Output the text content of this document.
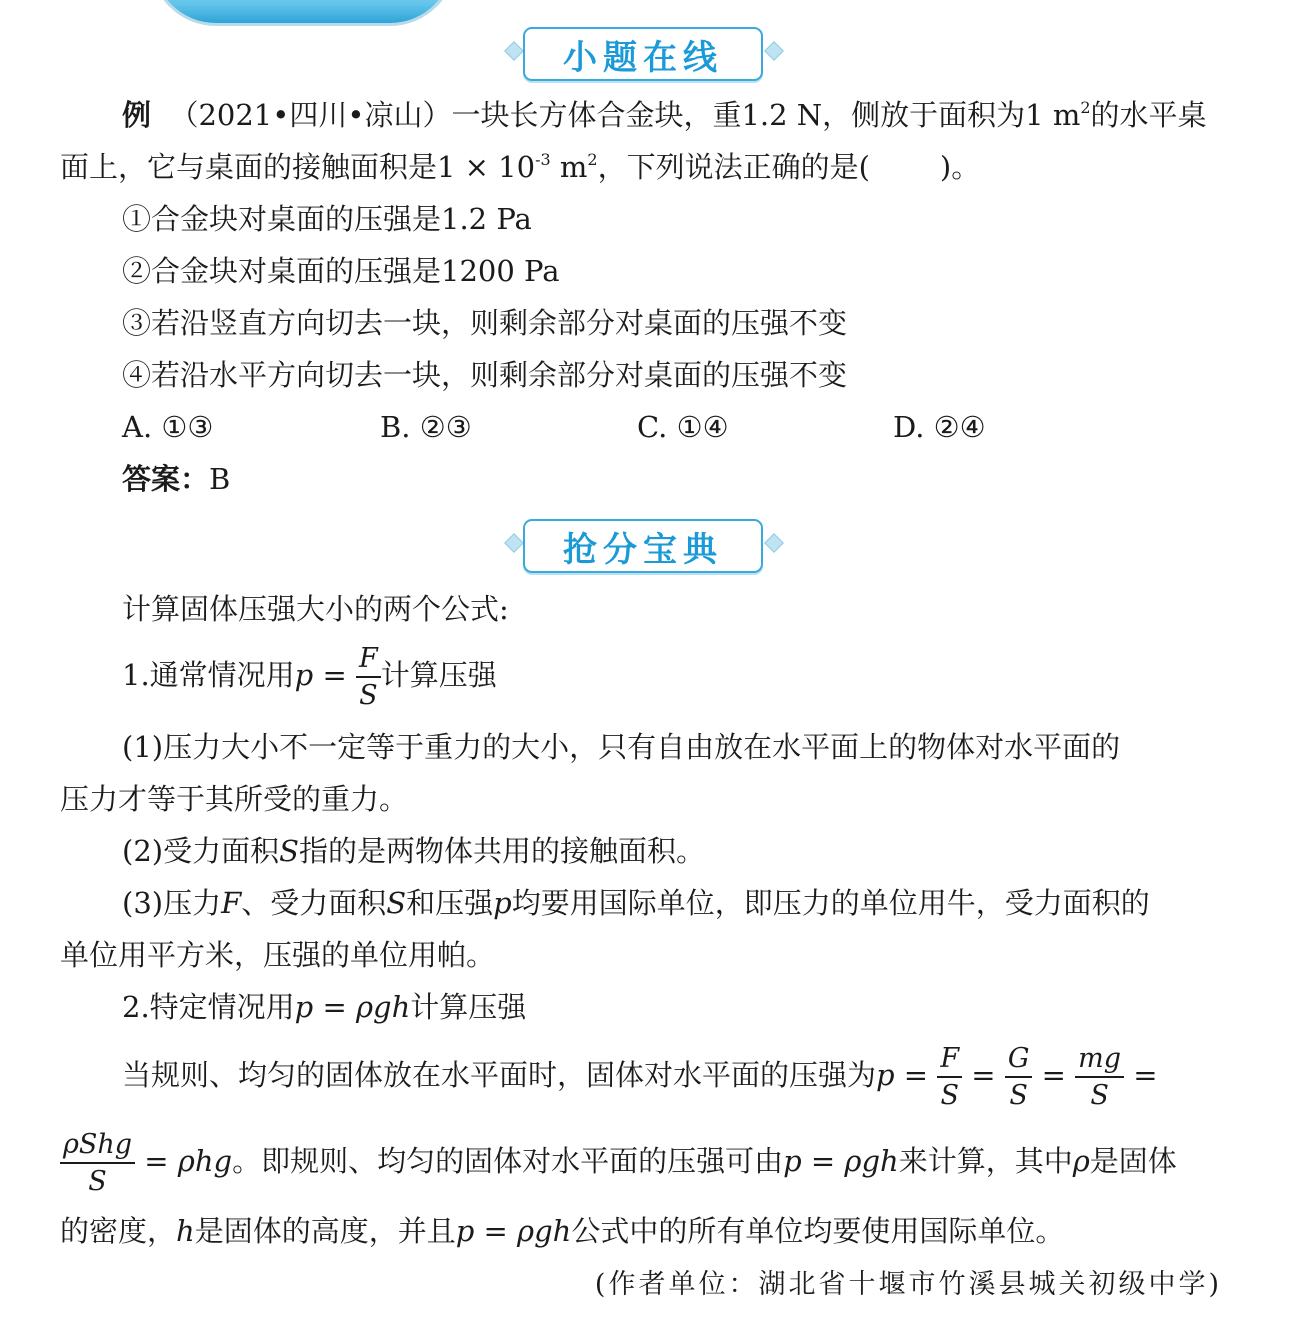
小题在线
例 （2021•四川•凉山）一块长方体合金块，重1.2 N，侧放于面积为1 $m^2$的水平桌
面上，它与桌面的接触面积是$1 \times 10^{-3}$ $m^2$，下列说法正确的是( )。
①合金块对桌面的压强是1.2 Pa
②合金块对桌面的压强是1200 Pa
③若沿竖直方向切去一块，则剩余部分对桌面的压强不变
④若沿水平方向切去一块，则剩余部分对桌面的压强不变
A. ①③	B. ②③	C. ①④	D. ②④
答案：B
抢分宝典
计算固体压强大小的两个公式:
1.通常情况用$p = \frac{F}{S}$ 计算压强
(1)压力大小不一定等于重力的大小，只有自由放在水平面上的物体对水平面的
压力才等于其所受的重力。
(2)受力面积S指的是两物体共用的接触面积。
(3)压力F、受力面积S和压强p均要用国际单位，即压力的单位用牛，受力面积的
单位用平方米，压强的单位用帕。
2.特定情况用p = ρgh计算压强
当规则、均匀的固体放在水平面时，固体对水平面的压强为$p = \frac{F}{S} = \frac{G}{S} = \frac{mg}{S}$ =
$\frac{\text{ρShg}}{S} = \rho hg$。即规则、均匀的固体对水平面的压强可由p = ρgh来计算，其中ρ是固体
的密度，h是固体的高度，并且p = ρgh公式中的所有单位均要使用国际单位。
(作者单位：湖北省十堰市竹溪县城关初级中学)
